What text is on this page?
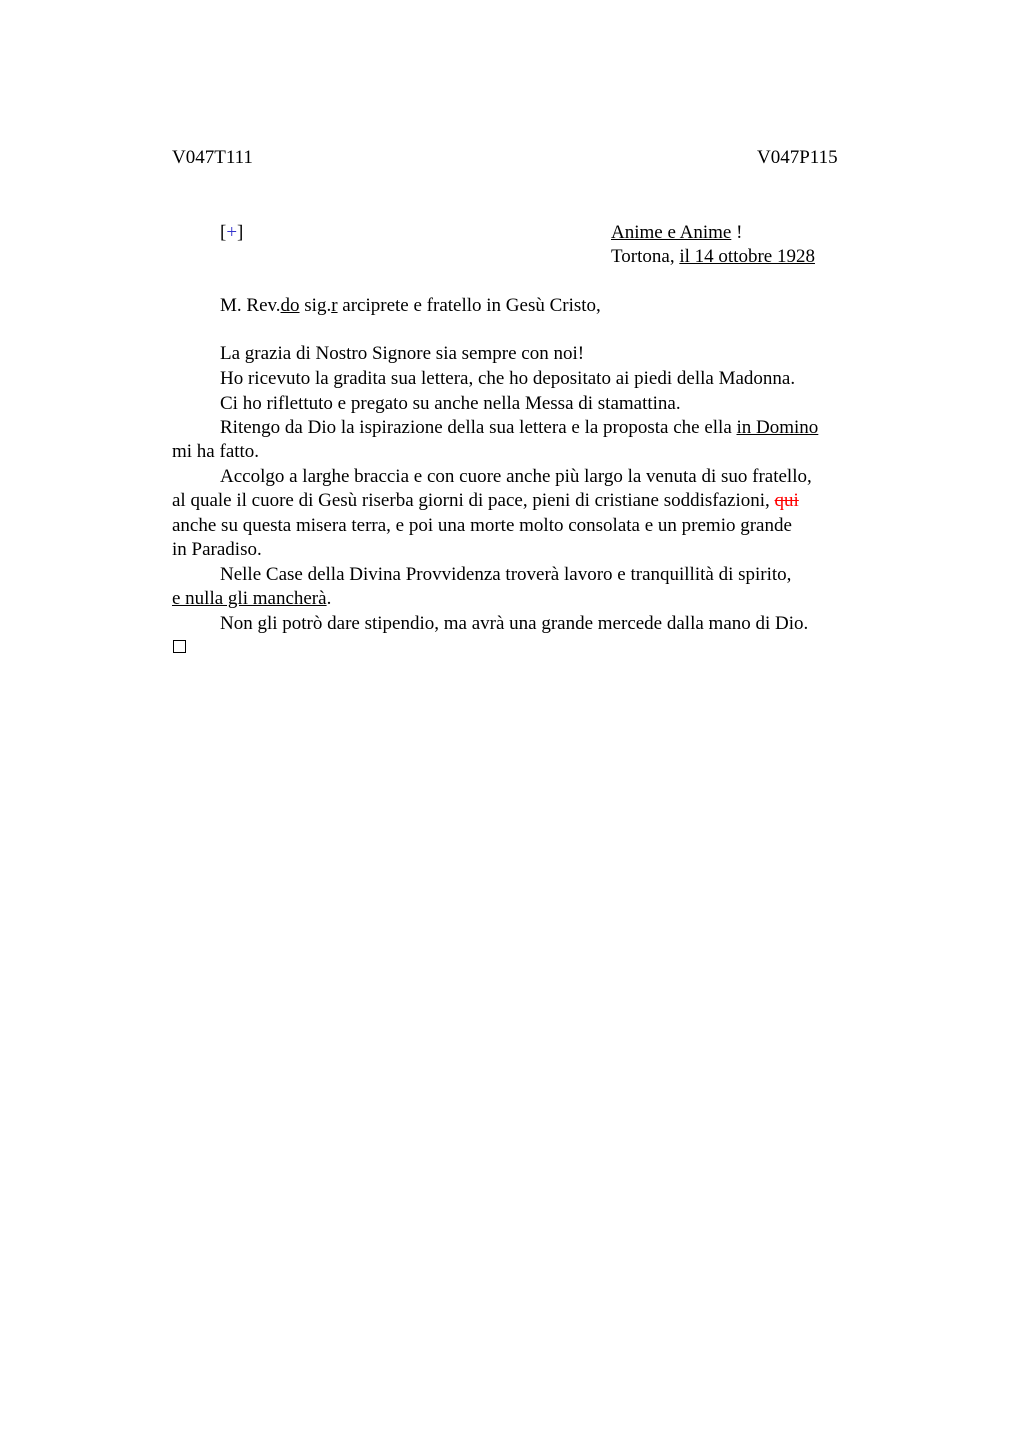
V047T111	V047P115
[+]	Anime e Anime !
Tortona, il 14 ottobre 1928
M. Rev.do sig.r arciprete e fratello in Gesù Cristo,
La grazia di Nostro Signore sia sempre con noi!
Ho ricevuto la gradita sua lettera, che ho depositato ai piedi della Madonna.
Ci ho riflettuto e pregato su anche nella Messa di stamattina.
Ritengo da Dio la ispirazione della sua lettera e la proposta che ella in Domino
mi ha fatto.
Accolgo a larghe braccia e con cuore anche più largo la venuta di suo fratello,
al quale il cuore di Gesù riserba giorni di pace, pieni di cristiane soddisfazioni, qui
anche su questa misera terra, e poi una morte molto consolata e un premio grande
in Paradiso.
Nelle Case della Divina Provvidenza troverà lavoro e tranquillità di spirito,
e nulla gli mancherà.
Non gli potrò dare stipendio, ma avrà una grande mercede dalla mano di Dio.
